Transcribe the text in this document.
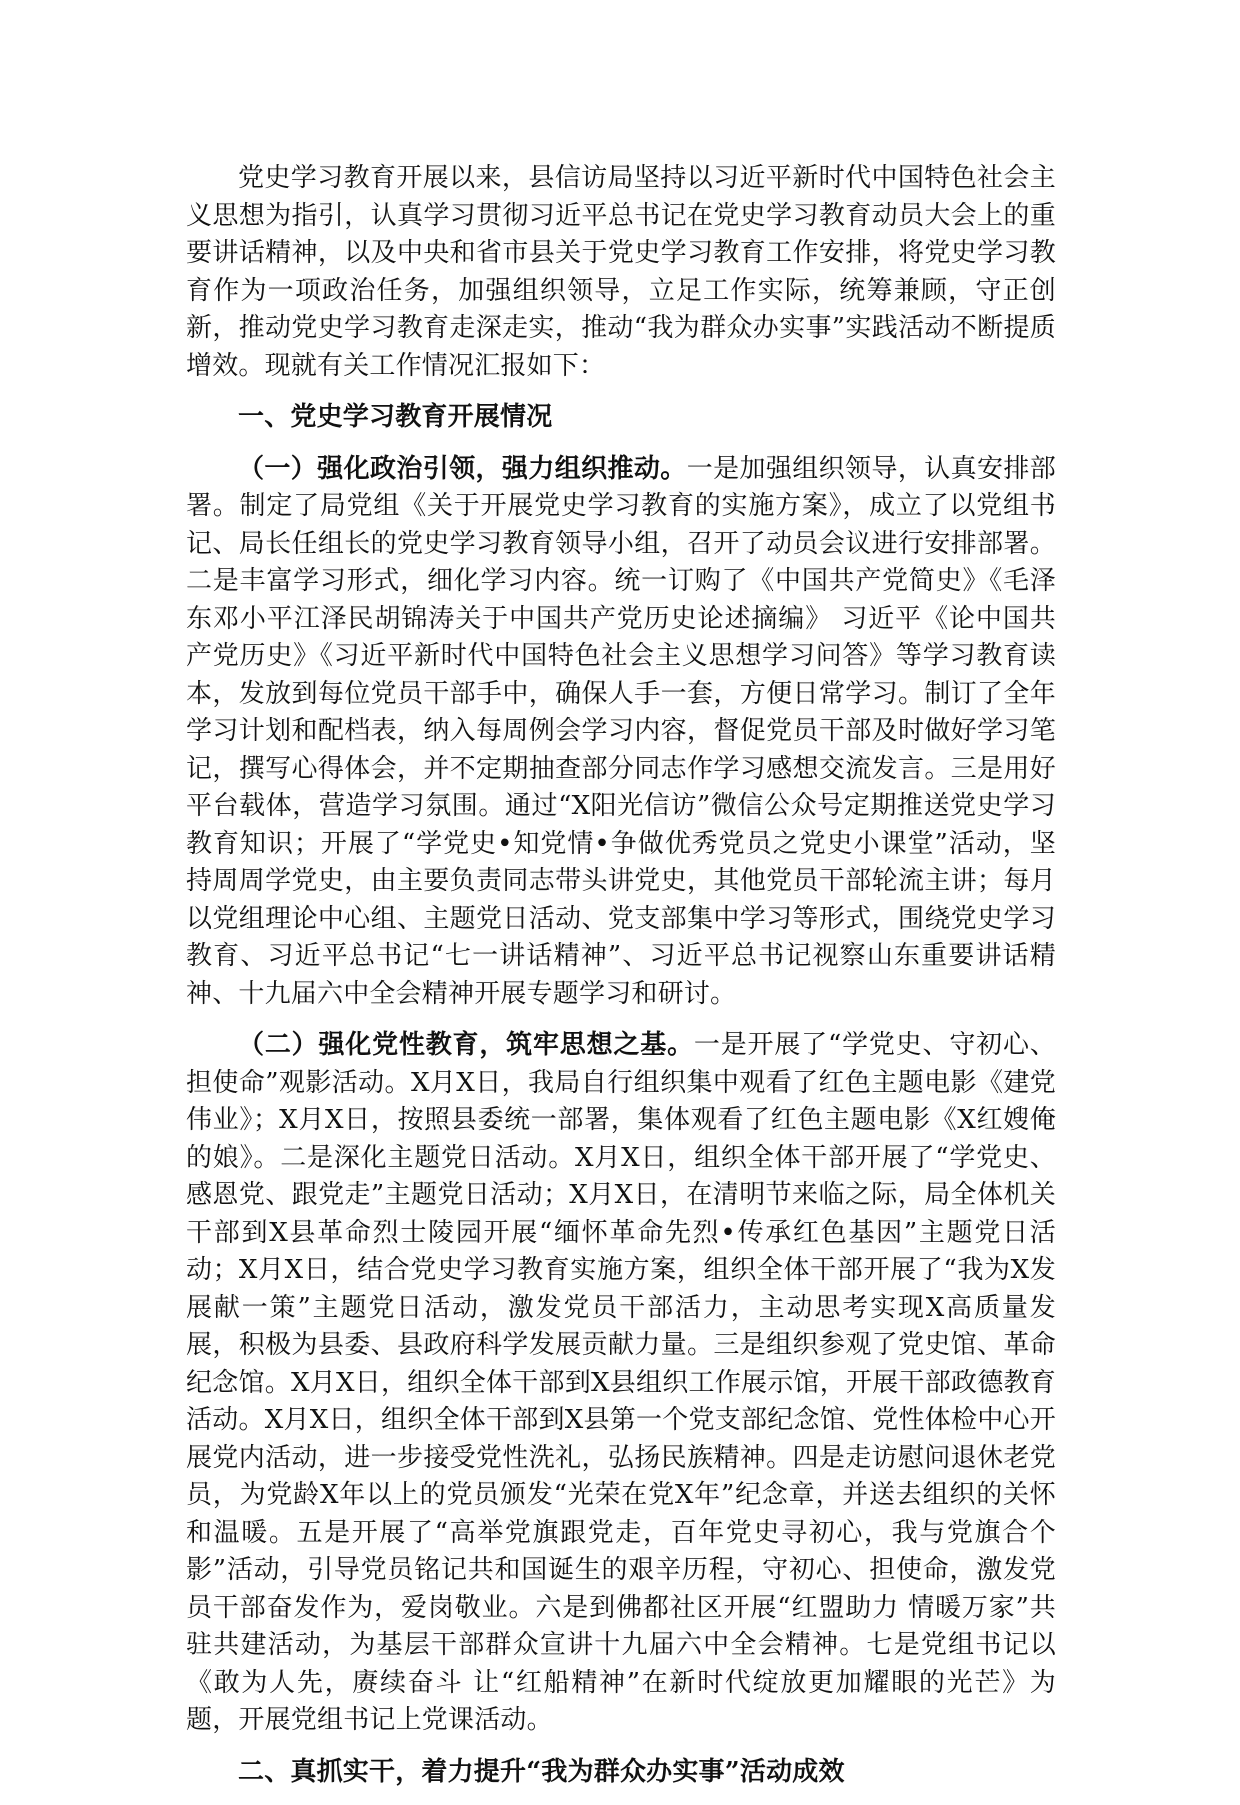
党史学习教育开展以来，县信访局坚持以习近平新时代中国特色社会主义思想为指引，认真学习贯彻习近平总书记在党史学习教育动员大会上的重要讲话精神，以及中央和省市县关于党史学习教育工作安排，将党史学习教育作为一项政治任务，加强组织领导，立足工作实际，统筹兼顾，守正创新，推动党史学习教育走深走实，推动“我为群众办实事”实践活动不断提质增效。现就有关工作情况汇报如下：

一、党史学习教育开展情况

（一）强化政治引领，强力组织推动。一是加强组织领导，认真安排部署。制定了局党组《关于开展党史学习教育的实施方案》，成立了以党组书记、局长任组长的党史学习教育领导小组，召开了动员会议进行安排部署。二是丰富学习形式，细化学习内容。统一订购了《中国共产党简史》《毛泽东邓小平江泽民胡锦涛关于中国共产党历史论述摘编》 习近平《论中国共产党历史》《习近平新时代中国特色社会主义思想学习问答》等学习教育读本，发放到每位党员干部手中，确保人手一套，方便日常学习。制订了全年学习计划和配档表，纳入每周例会学习内容，督促党员干部及时做好学习笔记，撰写心得体会，并不定期抽查部分同志作学习感想交流发言。三是用好平台载体，营造学习氛围。通过“X阳光信访”微信公众号定期推送党史学习教育知识；开展了“学党史•知党情•争做优秀党员之党史小课堂”活动，坚持周周学党史，由主要负责同志带头讲党史，其他党员干部轮流主讲；每月以党组理论中心组、主题党日活动、党支部集中学习等形式，围绕党史学习教育、习近平总书记“七一讲话精神”、习近平总书记视察山东重要讲话精神、十九届六中全会精神开展专题学习和研讨。

（二）强化党性教育，筑牢思想之基。一是开展了“学党史、守初心、担使命”观影活动。X月X日，我局自行组织集中观看了红色主题电影《建党伟业》；X月X日，按照县委统一部署，集体观看了红色主题电影《X红嫂俺的娘》。二是深化主题党日活动。X月X日，组织全体干部开展了“学党史、感恩党、跟党走”主题党日活动；X月X日，在清明节来临之际，局全体机关干部到X县革命烈士陵园开展“缅怀革命先烈•传承红色基因”主题党日活动；X月X日，结合党史学习教育实施方案，组织全体干部开展了“我为X发展献一策”主题党日活动，激发党员干部活力，主动思考实现X高质量发展，积极为县委、县政府科学发展贡献力量。三是组织参观了党史馆、革命纪念馆。X月X日，组织全体干部到X县组织工作展示馆，开展干部政德教育活动。X月X日，组织全体干部到X县第一个党支部纪念馆、党性体检中心开展党内活动，进一步接受党性洗礼，弘扬民族精神。四是走访慰问退休老党员，为党龄X年以上的党员颁发“光荣在党X年”纪念章，并送去组织的关怀和温暖。五是开展了“高举党旗跟党走，百年党史寻初心，我与党旗合个影”活动，引导党员铭记共和国诞生的艰辛历程，守初心、担使命，激发党员干部奋发作为，爱岗敬业。六是到佛都社区开展“红盟助力 情暖万家”共驻共建活动，为基层干部群众宣讲十九届六中全会精神。七是党组书记以《敢为人先，赓续奋斗 让“红船精神”在新时代绽放更加耀眼的光芒》为题，开展党组书记上党课活动。

二、真抓实干，着力提升“我为群众办实事”活动成效
